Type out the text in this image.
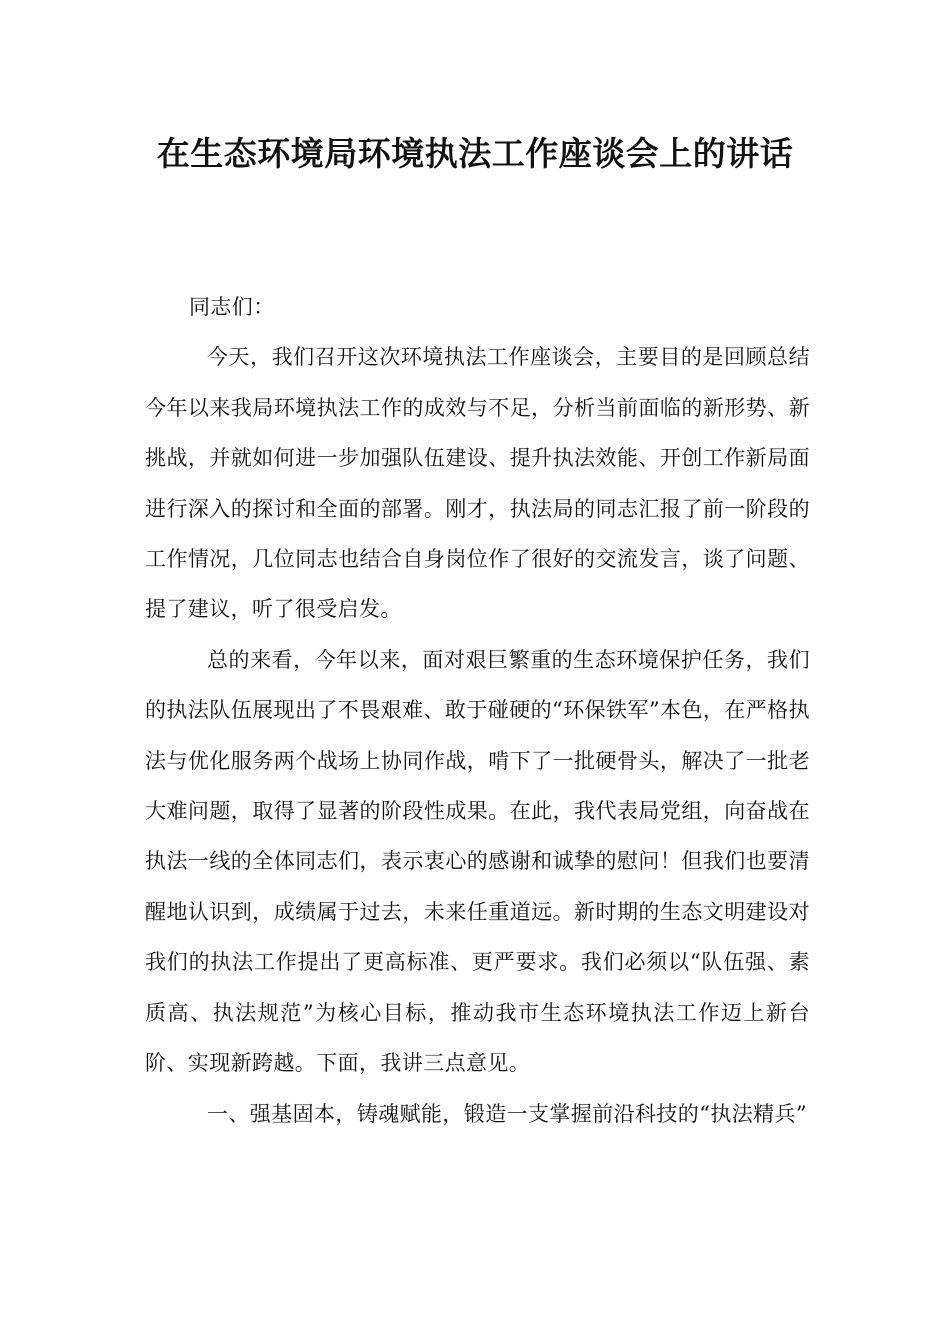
在生态环境局环境执法工作座谈会上的讲话

同志们：

今天，我们召开这次环境执法工作座谈会，主要目的是回顾总结今年以来我局环境执法工作的成效与不足，分析当前面临的新形势、新挑战，并就如何进一步加强队伍建设、提升执法效能、开创工作新局面进行深入的探讨和全面的部署。刚才，执法局的同志汇报了前一阶段的工作情况，几位同志也结合自身岗位作了很好的交流发言，谈了问题、提了建议，听了很受启发。

总的来看，今年以来，面对艰巨繁重的生态环境保护任务，我们的执法队伍展现出了不畏艰难、敢于碰硬的“环保铁军”本色，在严格执法与优化服务两个战场上协同作战，啃下了一批硬骨头，解决了一批老大难问题，取得了显著的阶段性成果。在此，我代表局党组，向奋战在执法一线的全体同志们，表示衷心的感谢和诚挚的慰问！但我们也要清醒地认识到，成绩属于过去，未来任重道远。新时期的生态文明建设对我们的执法工作提出了更高标准、更严要求。我们必须以“队伍强、素质高、执法规范”为核心目标，推动我市生态环境执法工作迈上新台阶、实现新跨越。下面，我讲三点意见。

一、强基固本，铸魂赋能，锻造一支掌握前沿科技的“执法精兵”
